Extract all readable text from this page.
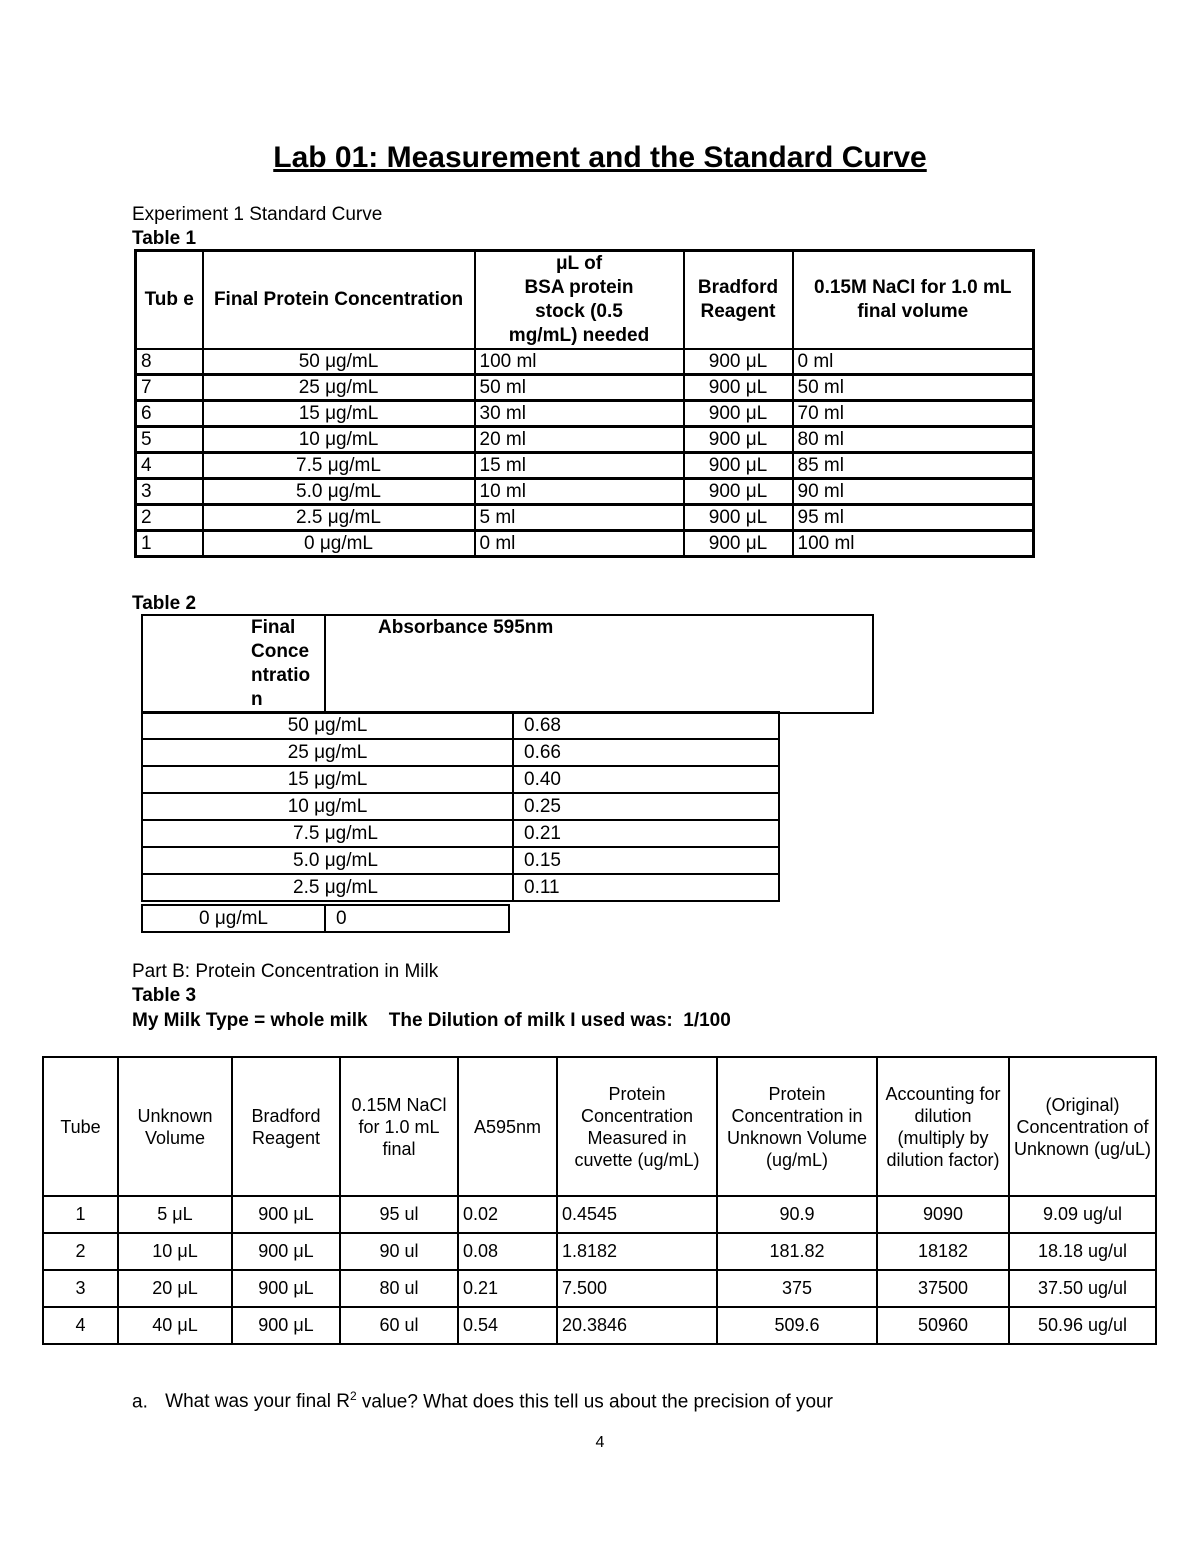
Lab 01: Measurement and the Standard Curve
Experiment 1 Standard Curve
Table 1
Tub e	Final Protein Concentration	μL of
BSA protein
stock (0.5
mg/mL) needed	Bradford Reagent	0.15M NaCl for 1.0 mL final volume
8	50 μg/mL	100 ml	900 μL	0 ml
7	25 μg/mL	50 ml	900 μL	50 ml
6	15 μg/mL	30 ml	900 μL	70 ml
5	10 μg/mL	20 ml	900 μL	80 ml
4	7.5 μg/mL	15 ml	900 μL	85 ml
3	5.0 μg/mL	10 ml	900 μL	90 ml
2	2.5 μg/mL	5 ml	900 μL	95 ml
1	0 μg/mL	0 ml	900 μL	100 ml
Table 2
Final
Conce
ntratio
n
	Absorbance 595nm
50 μg/mL	0.68
25 μg/mL	0.66
15 μg/mL	0.40
10 μg/mL	0.25
7.5 μg/mL	0.21
5.0 μg/mL	0.15
2.5 μg/mL	0.11
0 μg/mL	0
Part B: Protein Concentration in Milk
Table 3
My Milk Type = whole milk    The Dilution of milk I used was:  1/100
Tube	Unknown Volume	Bradford Reagent	0.15M NaCl for 1.0 mL final	A595nm	Protein Concentration Measured in cuvette (ug/mL)	Protein Concentration in Unknown Volume (ug/mL)	Accounting for dilution (multiply by dilution factor)	(Original) Concentration of Unknown (ug/uL)
1	5 μL	900 μL	95 ul	0.02	0.4545	90.9	9090	9.09 ug/ul
2	10 μL	900 μL	90 ul	0.08	1.8182	181.82	18182	18.18 ug/ul
3	20 μL	900 μL	80 ul	0.21	7.500	375	37500	37.50 ug/ul
4	40 μL	900 μL	60 ul	0.54	20.3846	509.6	50960	50.96 ug/ul
a. What was your final $R^2$ value? What does this tell us about the precision of your
4
